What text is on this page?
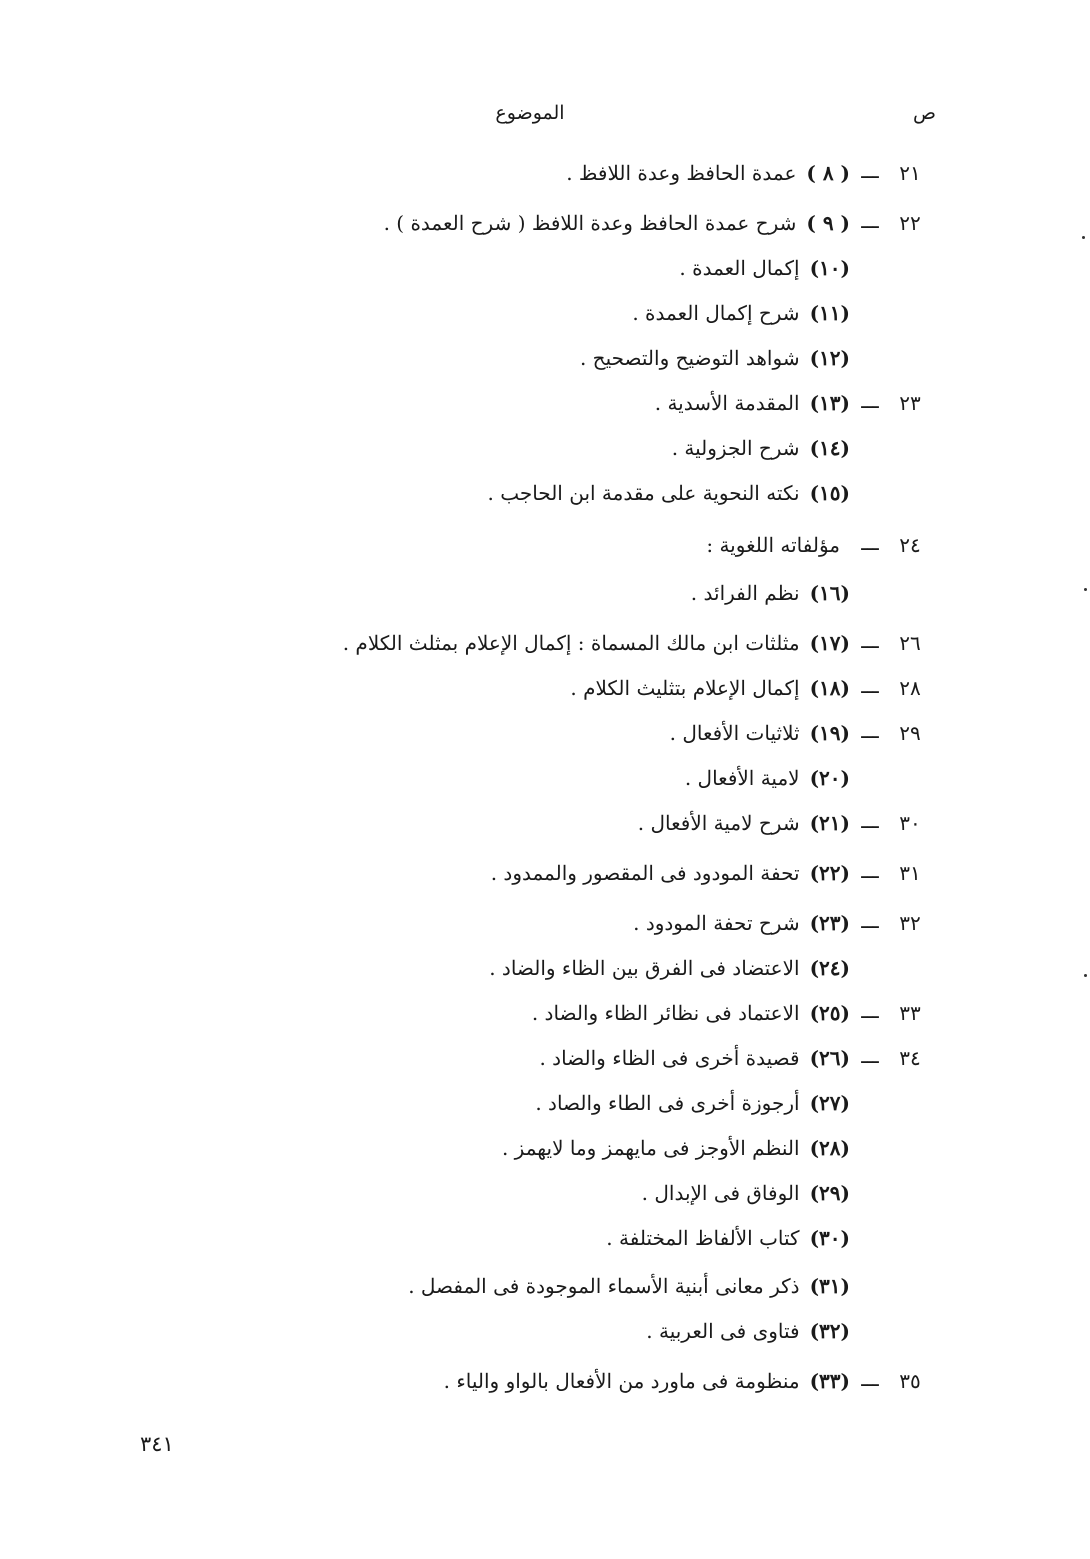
ص
الموضوع
٢١
ـــ
( ٨ )عمدة الحافظ وعدة اللافظ .
٢٢
ـــ
( ٩ )شرح عمدة الحافظ وعدة اللافظ ( شرح العمدة ) .
(١٠)إكمال العمدة .
(١١)شرح إكمال العمدة .
(١٢)شواهد التوضيح والتصحيح .
٢٣
ـــ
(١٣)المقدمة الأسدية .
(١٤)شرح الجزولية .
(١٥)نكته النحوية على مقدمة ابن الحاجب .
٢٤
ـــ
مؤلفاته اللغوية :
(١٦)نظم الفرائد .
٢٦
ـــ
(١٧)مثلثات ابن مالك المسماة : إكمال الإعلام بمثلث الكلام .
٢٨
ـــ
(١٨)إكمال الإعلام بتثليث الكلام .
٢٩
ـــ
(١٩)ثلاثيات الأفعال .
(٢٠)لامية الأفعال .
٣٠
ـــ
(٢١)شرح لامية الأفعال .
٣١
ـــ
(٢٢)تحفة المودود فى المقصور والممدود .
٣٢
ـــ
(٢٣)شرح تحفة المودود .
(٢٤)الاعتضاد فى الفرق بين الظاء والضاد .
٣٣
ـــ
(٢٥)الاعتماد فى نظائر الظاء والضاد .
٣٤
ـــ
(٢٦)قصيدة أخرى فى الظاء والضاد .
(٢٧)أرجوزة أخرى فى الطاء والصاد .
(٢٨)النظم الأوجز فى مايهمز وما لايهمز .
(٢٩)الوفاق فى الإبدال .
(٣٠)كتاب الألفاظ المختلفة .
(٣١)ذكر معانى أبنية الأسماء الموجودة فى المفصل .
(٣٢)فتاوى فى العربية .
٣٥
ـــ
(٣٣)منظومة فى ماورد من الأفعال بالواو والياء .
٣٤١
